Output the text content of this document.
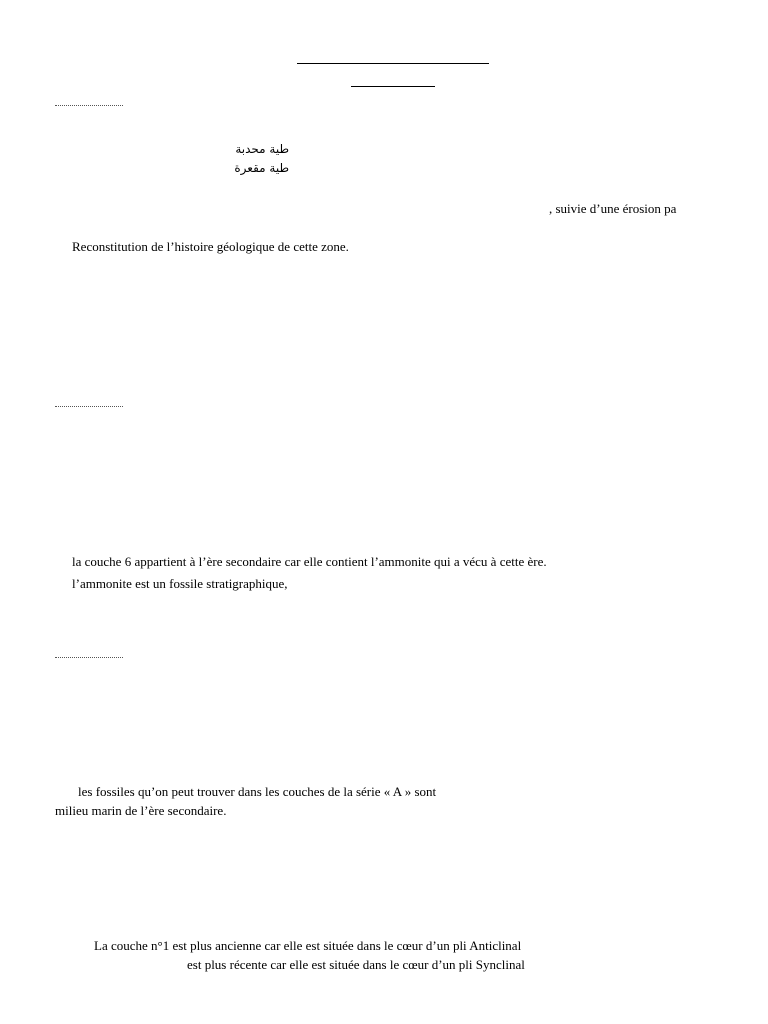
طية محدبة
طية مقعرة
, suivie d’une érosion pa
Reconstitution de l’histoire géologique de cette zone.
la couche 6 appartient à l’ère secondaire car elle contient l’ammonite qui a vécu à cette ère.
l’ammonite est un fossile stratigraphique,
les fossiles qu’on peut trouver dans les couches de la série « A » sont
milieu marin de l’ère secondaire.
La couche n°1 est plus ancienne car elle est située dans le cœur d’un pli Anticlinal
est plus récente car elle est située dans le cœur d’un pli Synclinal
